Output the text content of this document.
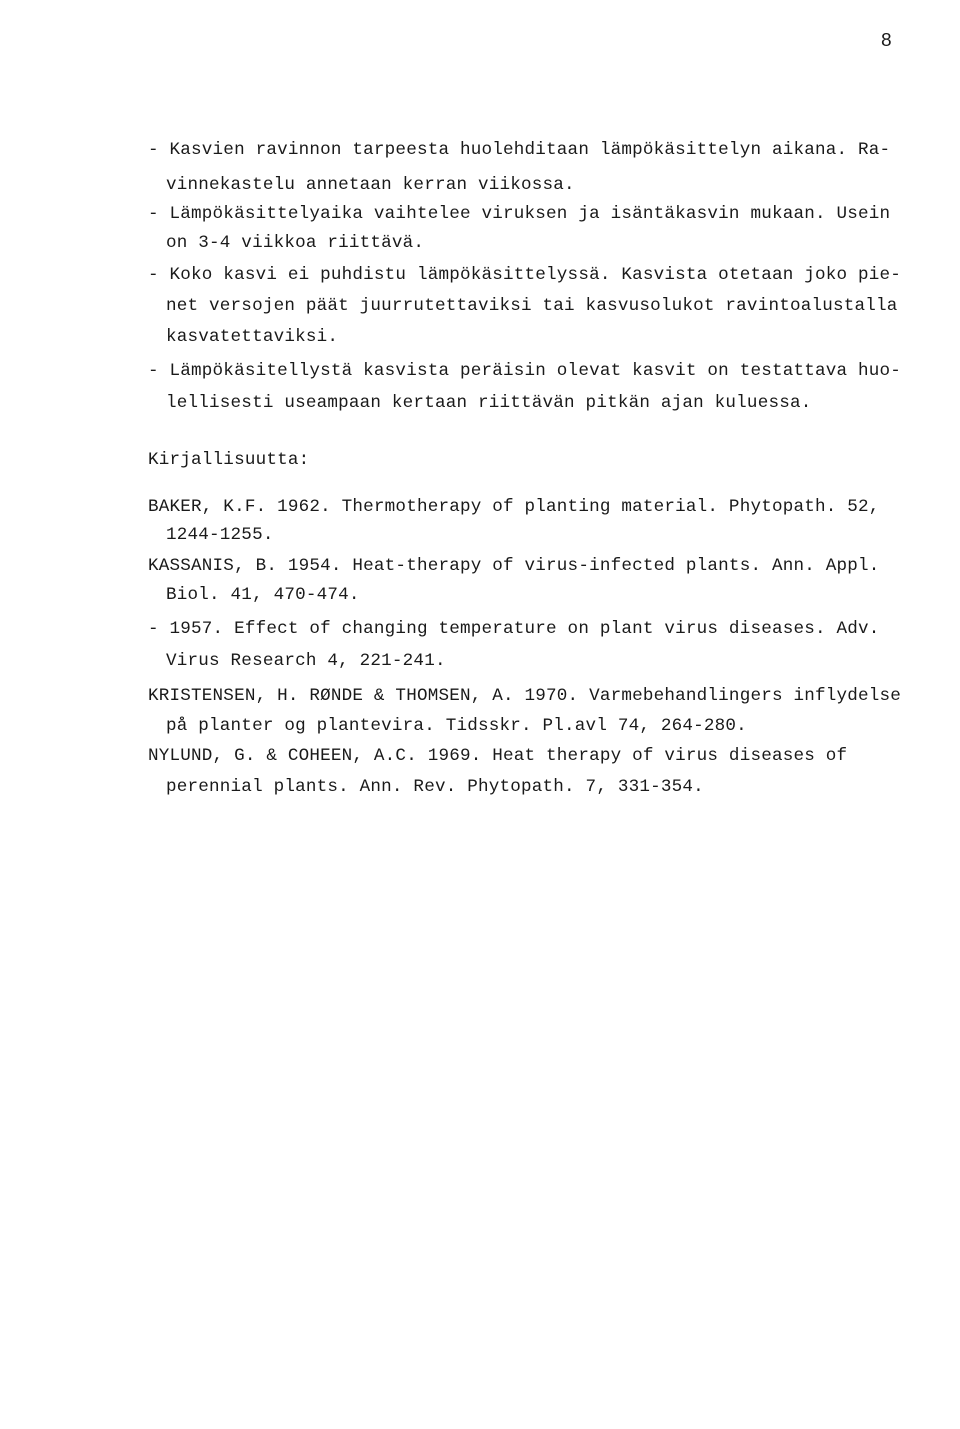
8
- Kasvien ravinnon tarpeesta huolehditaan lämpökäsittelyn aikana. Ra-
vinnekastelu annetaan kerran viikossa.
- Lämpökäsittelyaika vaihtelee viruksen ja isäntäkasvin mukaan. Usein
on 3-4 viikkoa riittävä.
- Koko kasvi ei puhdistu lämpökäsittelyssä. Kasvista otetaan joko pie-
net versojen päät juurrutettaviksi tai kasvusolukot ravintoalustalla
kasvatettaviksi.
- Lämpökäsitellystä kasvista peräisin olevat kasvit on testattava huo-
lellisesti useampaan kertaan riittävän pitkän ajan kuluessa.
Kirjallisuutta:
BAKER, K.F. 1962. Thermotherapy of planting material. Phytopath. 52,
1244-1255.
KASSANIS, B. 1954. Heat-therapy of virus-infected plants. Ann. Appl.
Biol. 41, 470-474.
- 1957. Effect of changing temperature on plant virus diseases. Adv.
Virus Research 4, 221-241.
KRISTENSEN, H. RØNDE & THOMSEN, A. 1970. Varmebehandlingers inflydelse
på planter og plantevira. Tidsskr. Pl.avl 74, 264-280.
NYLUND, G. & COHEEN, A.C. 1969. Heat therapy of virus diseases of
perennial plants. Ann. Rev. Phytopath. 7, 331-354.
